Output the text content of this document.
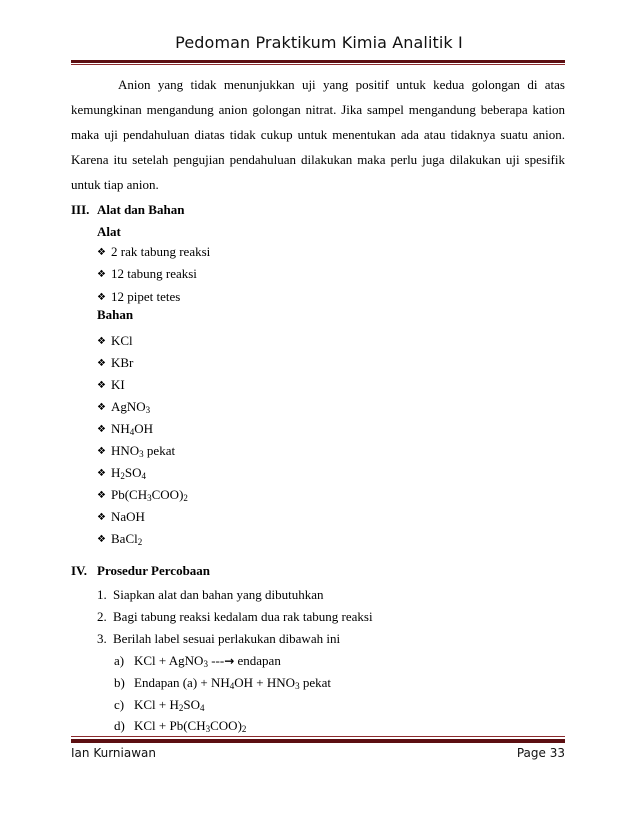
Pedoman Praktikum Kimia Analitik I
Anion yang tidak menunjukkan uji yang positif untuk kedua golongan di atas
kemungkinan mengandung anion golongan nitrat. Jika sampel mengandung beberapa kation
maka uji pendahuluan diatas tidak cukup untuk menentukan ada atau tidaknya suatu anion.
Karena itu setelah pengujian pendahuluan dilakukan maka perlu juga dilakukan uji spesifik
untuk tiap anion.
III. Alat dan Bahan
Alat
❖ 2 rak tabung reaksi
❖ 12 tabung reaksi
❖ 12 pipet tetes
Bahan
❖ KCl
❖ KBr
❖ KI
❖ AgNO$_3$
❖ $NH_4OH$
❖ $HNO_3$ pekat
❖ $H_2SO_4$
❖ $Pb(CH_3COO)_2$
❖ NaOH
❖ BaCl$_2$
IV. Prosedur Percobaan
1. Siapkan alat dan bahan yang dibutuhkan
2. Bagi tabung reaksi kedalam dua rak tabung reaksi
3. Berilah label sesuai perlakukan dibawah ini
a) KCl + AgNO$_3$ ---→ endapan
b) Endapan $(a) + NH_4OH + HNO_3$ pekat
c) KCl + $H_2SO_4$
d) KCl + $Pb(CH_3COO)_2$
Ian Kurniawan	Page 33
